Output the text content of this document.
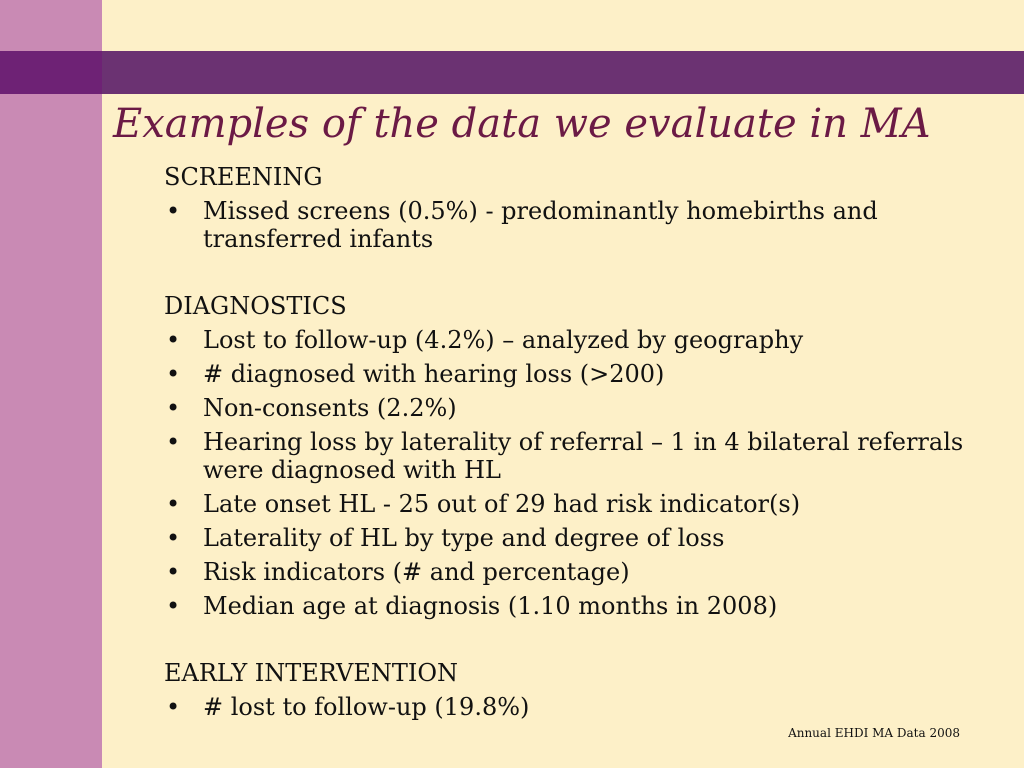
Examples of the data we evaluate in MA
SCREENING
• Missed screens (0.5%) - predominantly homebirths and transferred infants
DIAGNOSTICS
• Lost to follow-up (4.2%) – analyzed by geography
• # diagnosed with hearing loss (>200)
• Non-consents (2.2%)
• Hearing loss by laterality of referral – 1 in 4 bilateral referrals were diagnosed with HL
• Late onset HL - 25 out of 29 had risk indicator(s)
• Laterality of HL by type and degree of loss
• Risk indicators (# and percentage)
• Median age at diagnosis (1.10 months in 2008)
EARLY INTERVENTION
• # lost to follow-up (19.8%)
Annual EHDI MA Data 2008
